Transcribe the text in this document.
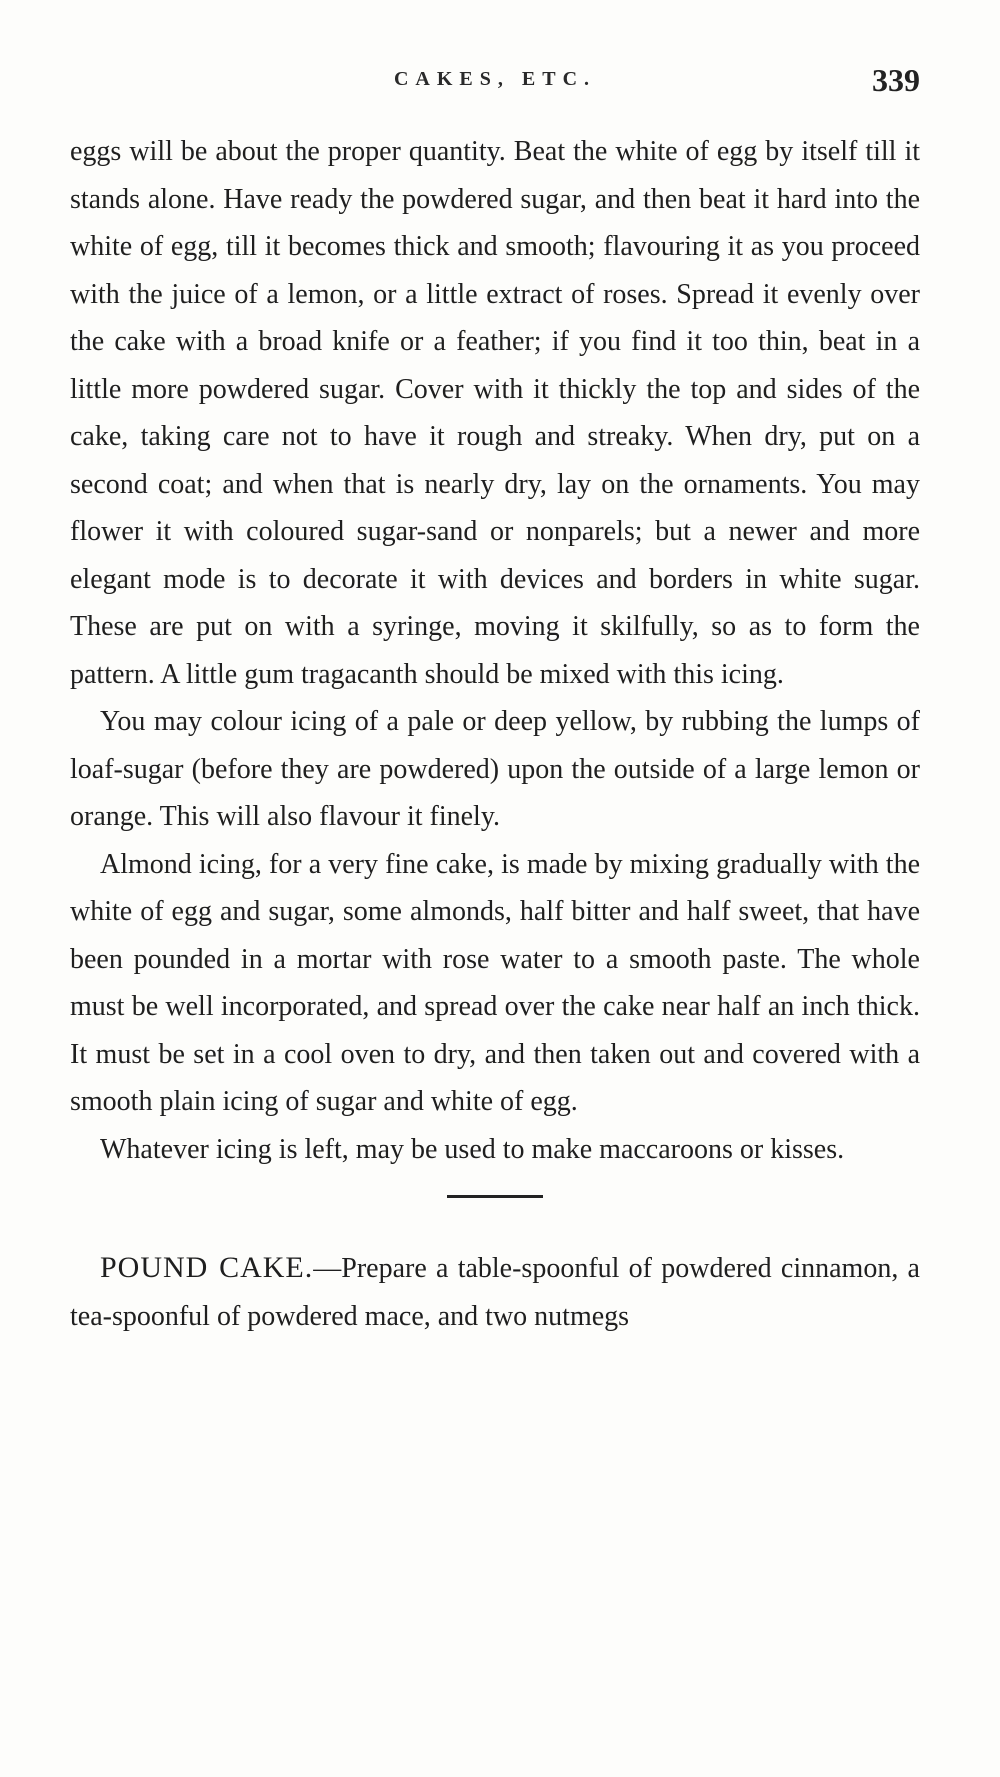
CAKES, ETC.	339

eggs will be about the proper quantity. Beat the white of egg by itself till it stands alone. Have ready the powdered sugar, and then beat it hard into the white of egg, till it becomes thick and smooth; flavouring it as you proceed with the juice of a lemon, or a little extract of roses. Spread it evenly over the cake with a broad knife or a feather; if you find it too thin, beat in a little more powdered sugar. Cover with it thickly the top and sides of the cake, taking care not to have it rough and streaky. When dry, put on a second coat; and when that is nearly dry, lay on the ornaments. You may flower it with coloured sugar-sand or nonparels; but a newer and more elegant mode is to decorate it with devices and borders in white sugar. These are put on with a syringe, moving it skilfully, so as to form the pattern. A little gum tragacanth should be mixed with this icing.

You may colour icing of a pale or deep yellow, by rubbing the lumps of loaf-sugar (before they are powdered) upon the outside of a large lemon or orange. This will also flavour it finely.

Almond icing, for a very fine cake, is made by mixing gradually with the white of egg and sugar, some almonds, half bitter and half sweet, that have been pounded in a mortar with rose water to a smooth paste. The whole must be well incorporated, and spread over the cake near half an inch thick. It must be set in a cool oven to dry, and then taken out and covered with a smooth plain icing of sugar and white of egg.

Whatever icing is left, may be used to make maccaroons or kisses.

POUND CAKE.—Prepare a table-spoonful of powdered cinnamon, a tea-spoonful of powdered mace, and two nutmegs
